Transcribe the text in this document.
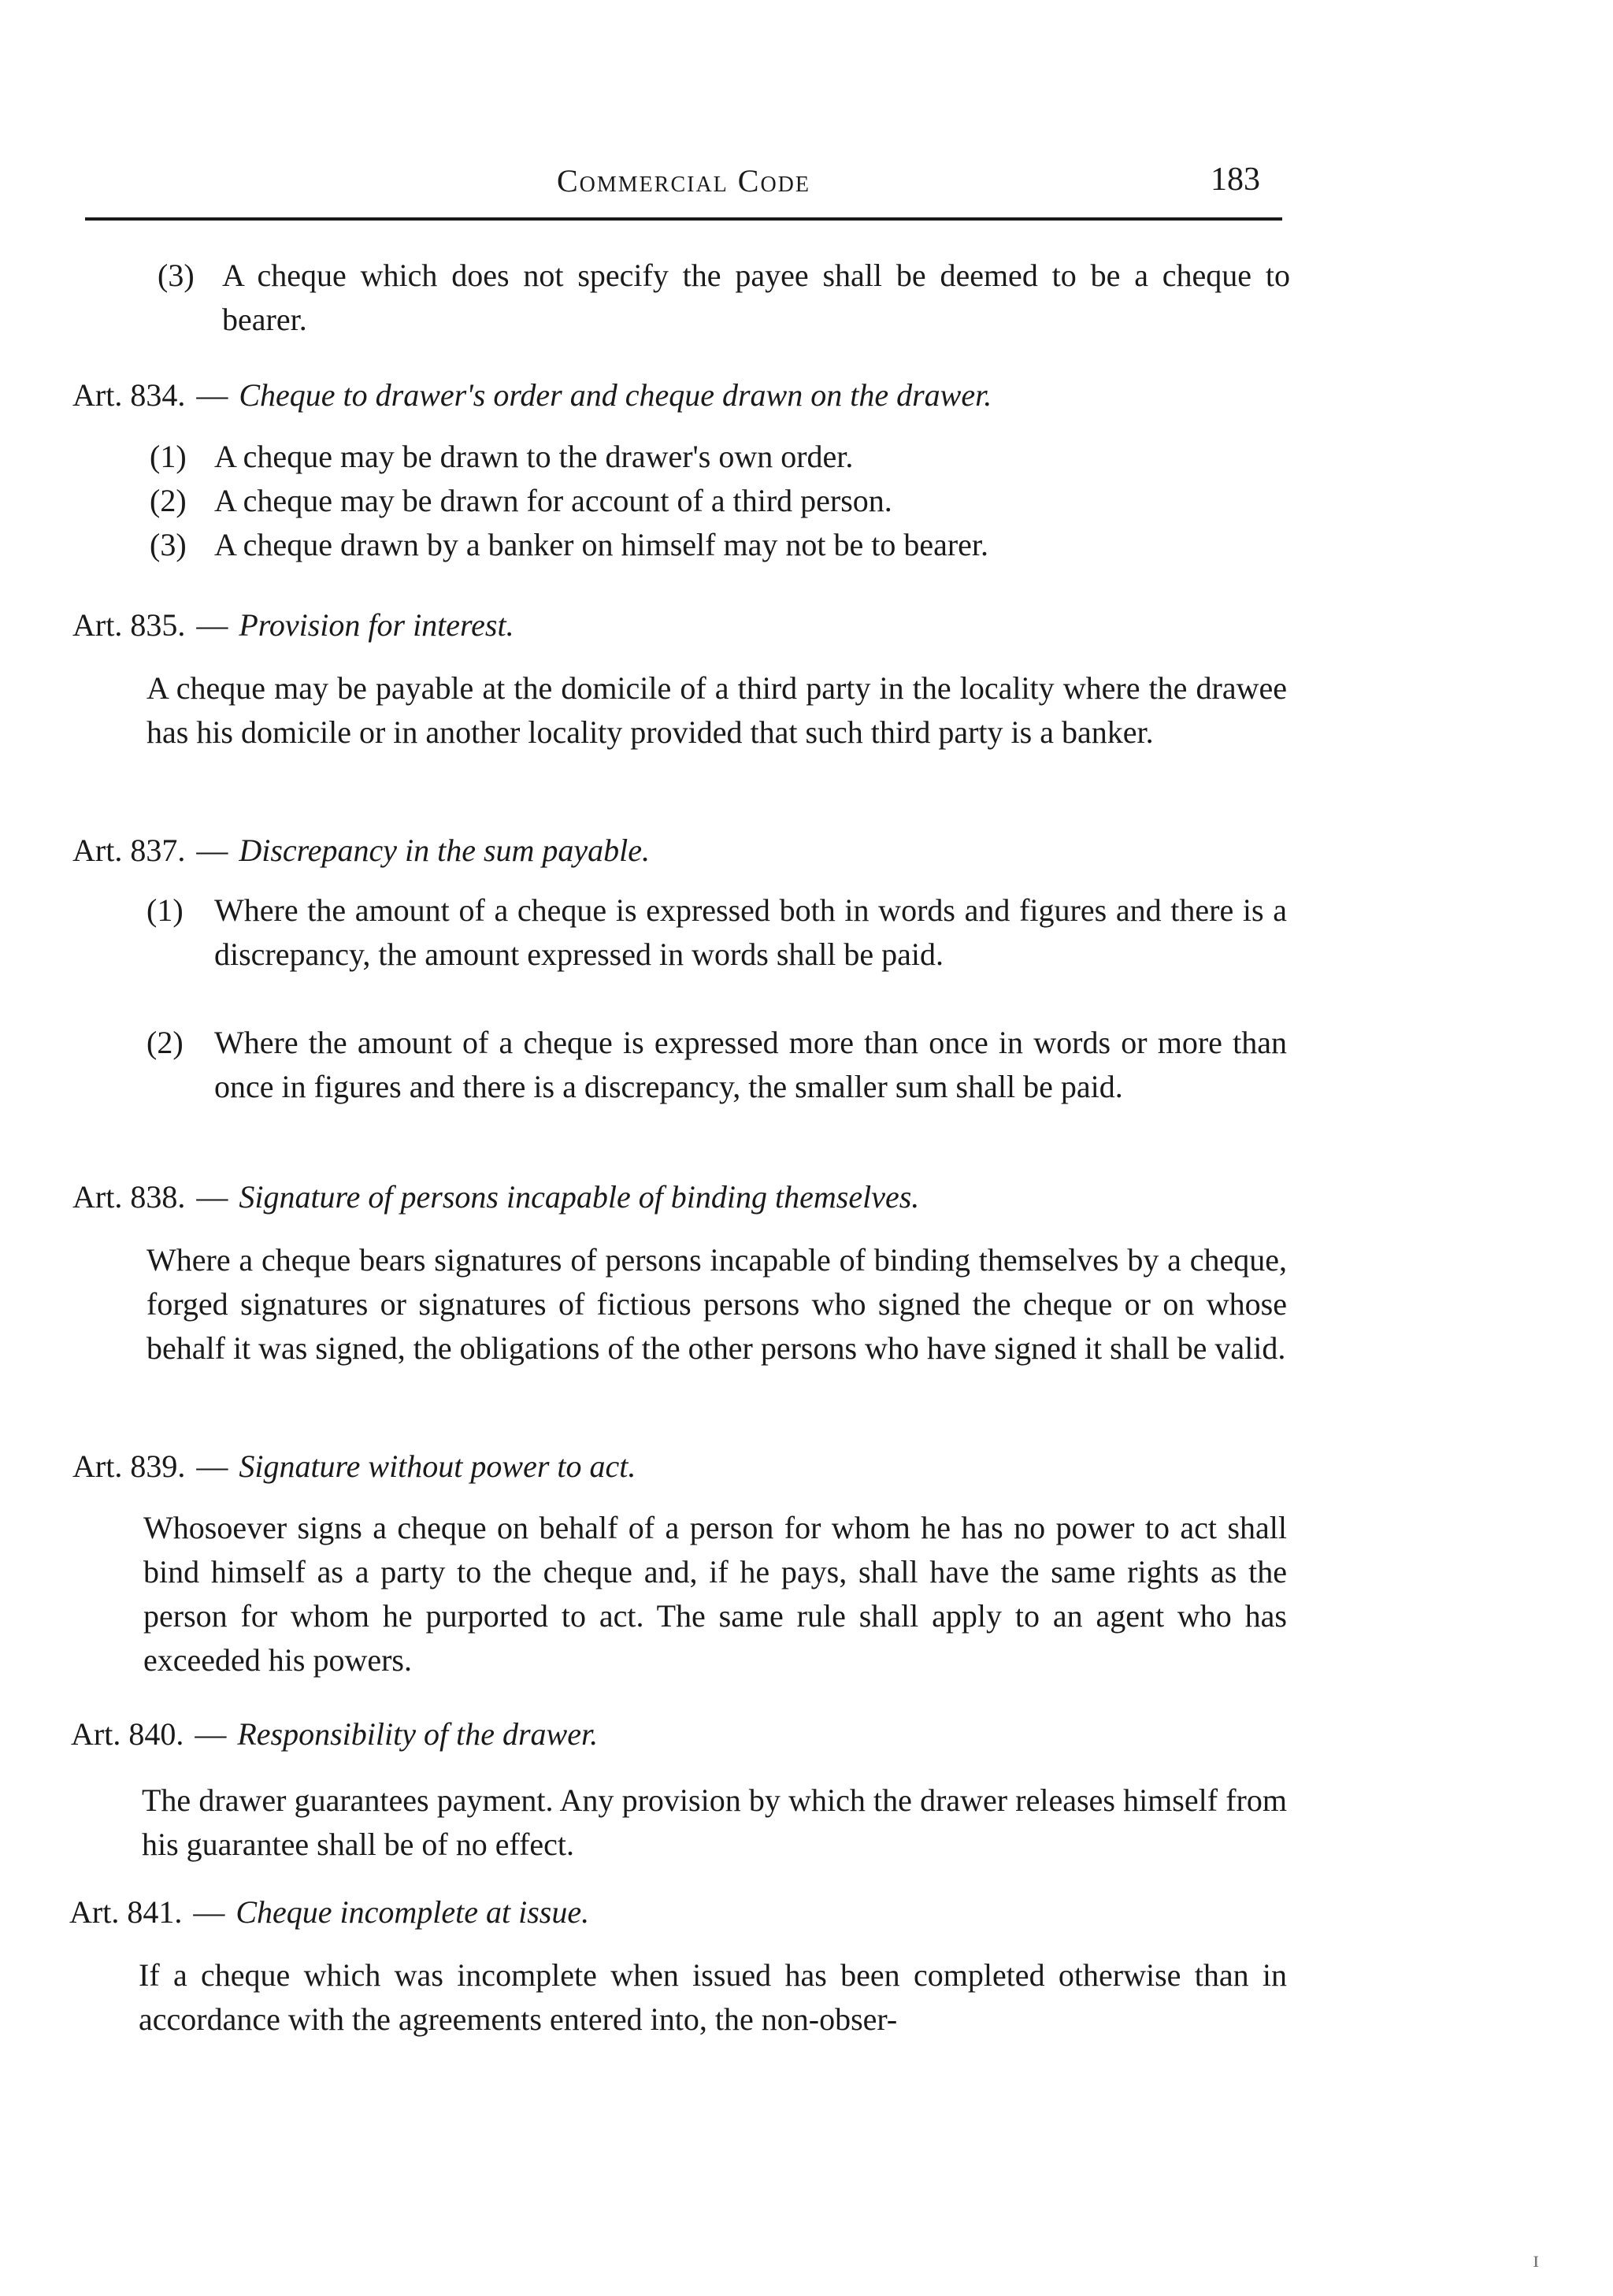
Commercial Code	183
(3) A cheque which does not specify the payee shall be deemed to be a cheque to bearer.
Art. 834. — Cheque to drawer's order and cheque drawn on the drawer.
(1) A cheque may be drawn to the drawer's own order.
(2) A cheque may be drawn for account of a third person.
(3) A cheque drawn by a banker on himself may not be to bearer.
Art. 835. — Provision for interest.
A cheque may be payable at the domicile of a third party in the locality where the drawee has his domicile or in another locality provided that such third party is a banker.
Art. 837. — Discrepancy in the sum payable.
(1) Where the amount of a cheque is expressed both in words and figures and there is a discrepancy, the amount expressed in words shall be paid.
(2) Where the amount of a cheque is expressed more than once in words or more than once in figures and there is a discrepancy, the smaller sum shall be paid.
Art. 838. — Signature of persons incapable of binding themselves.
Where a cheque bears signatures of persons incapable of binding themselves by a cheque, forged signatures or signatures of fictious persons who signed the cheque or on whose behalf it was signed, the obligations of the other persons who have signed it shall be valid.
Art. 839. — Signature without power to act.
Whosoever signs a cheque on behalf of a person for whom he has no power to act shall bind himself as a party to the cheque and, if he pays, shall have the same rights as the person for whom he purported to act. The same rule shall apply to an agent who has exceeded his powers.
Art. 840. — Responsibility of the drawer.
The drawer guarantees payment. Any provision by which the drawer releases himself from his guarantee shall be of no effect.
Art. 841. — Cheque incomplete at issue.
If a cheque which was incomplete when issued has been completed otherwise than in accordance with the agreements entered into, the non-obser-
ɪ
